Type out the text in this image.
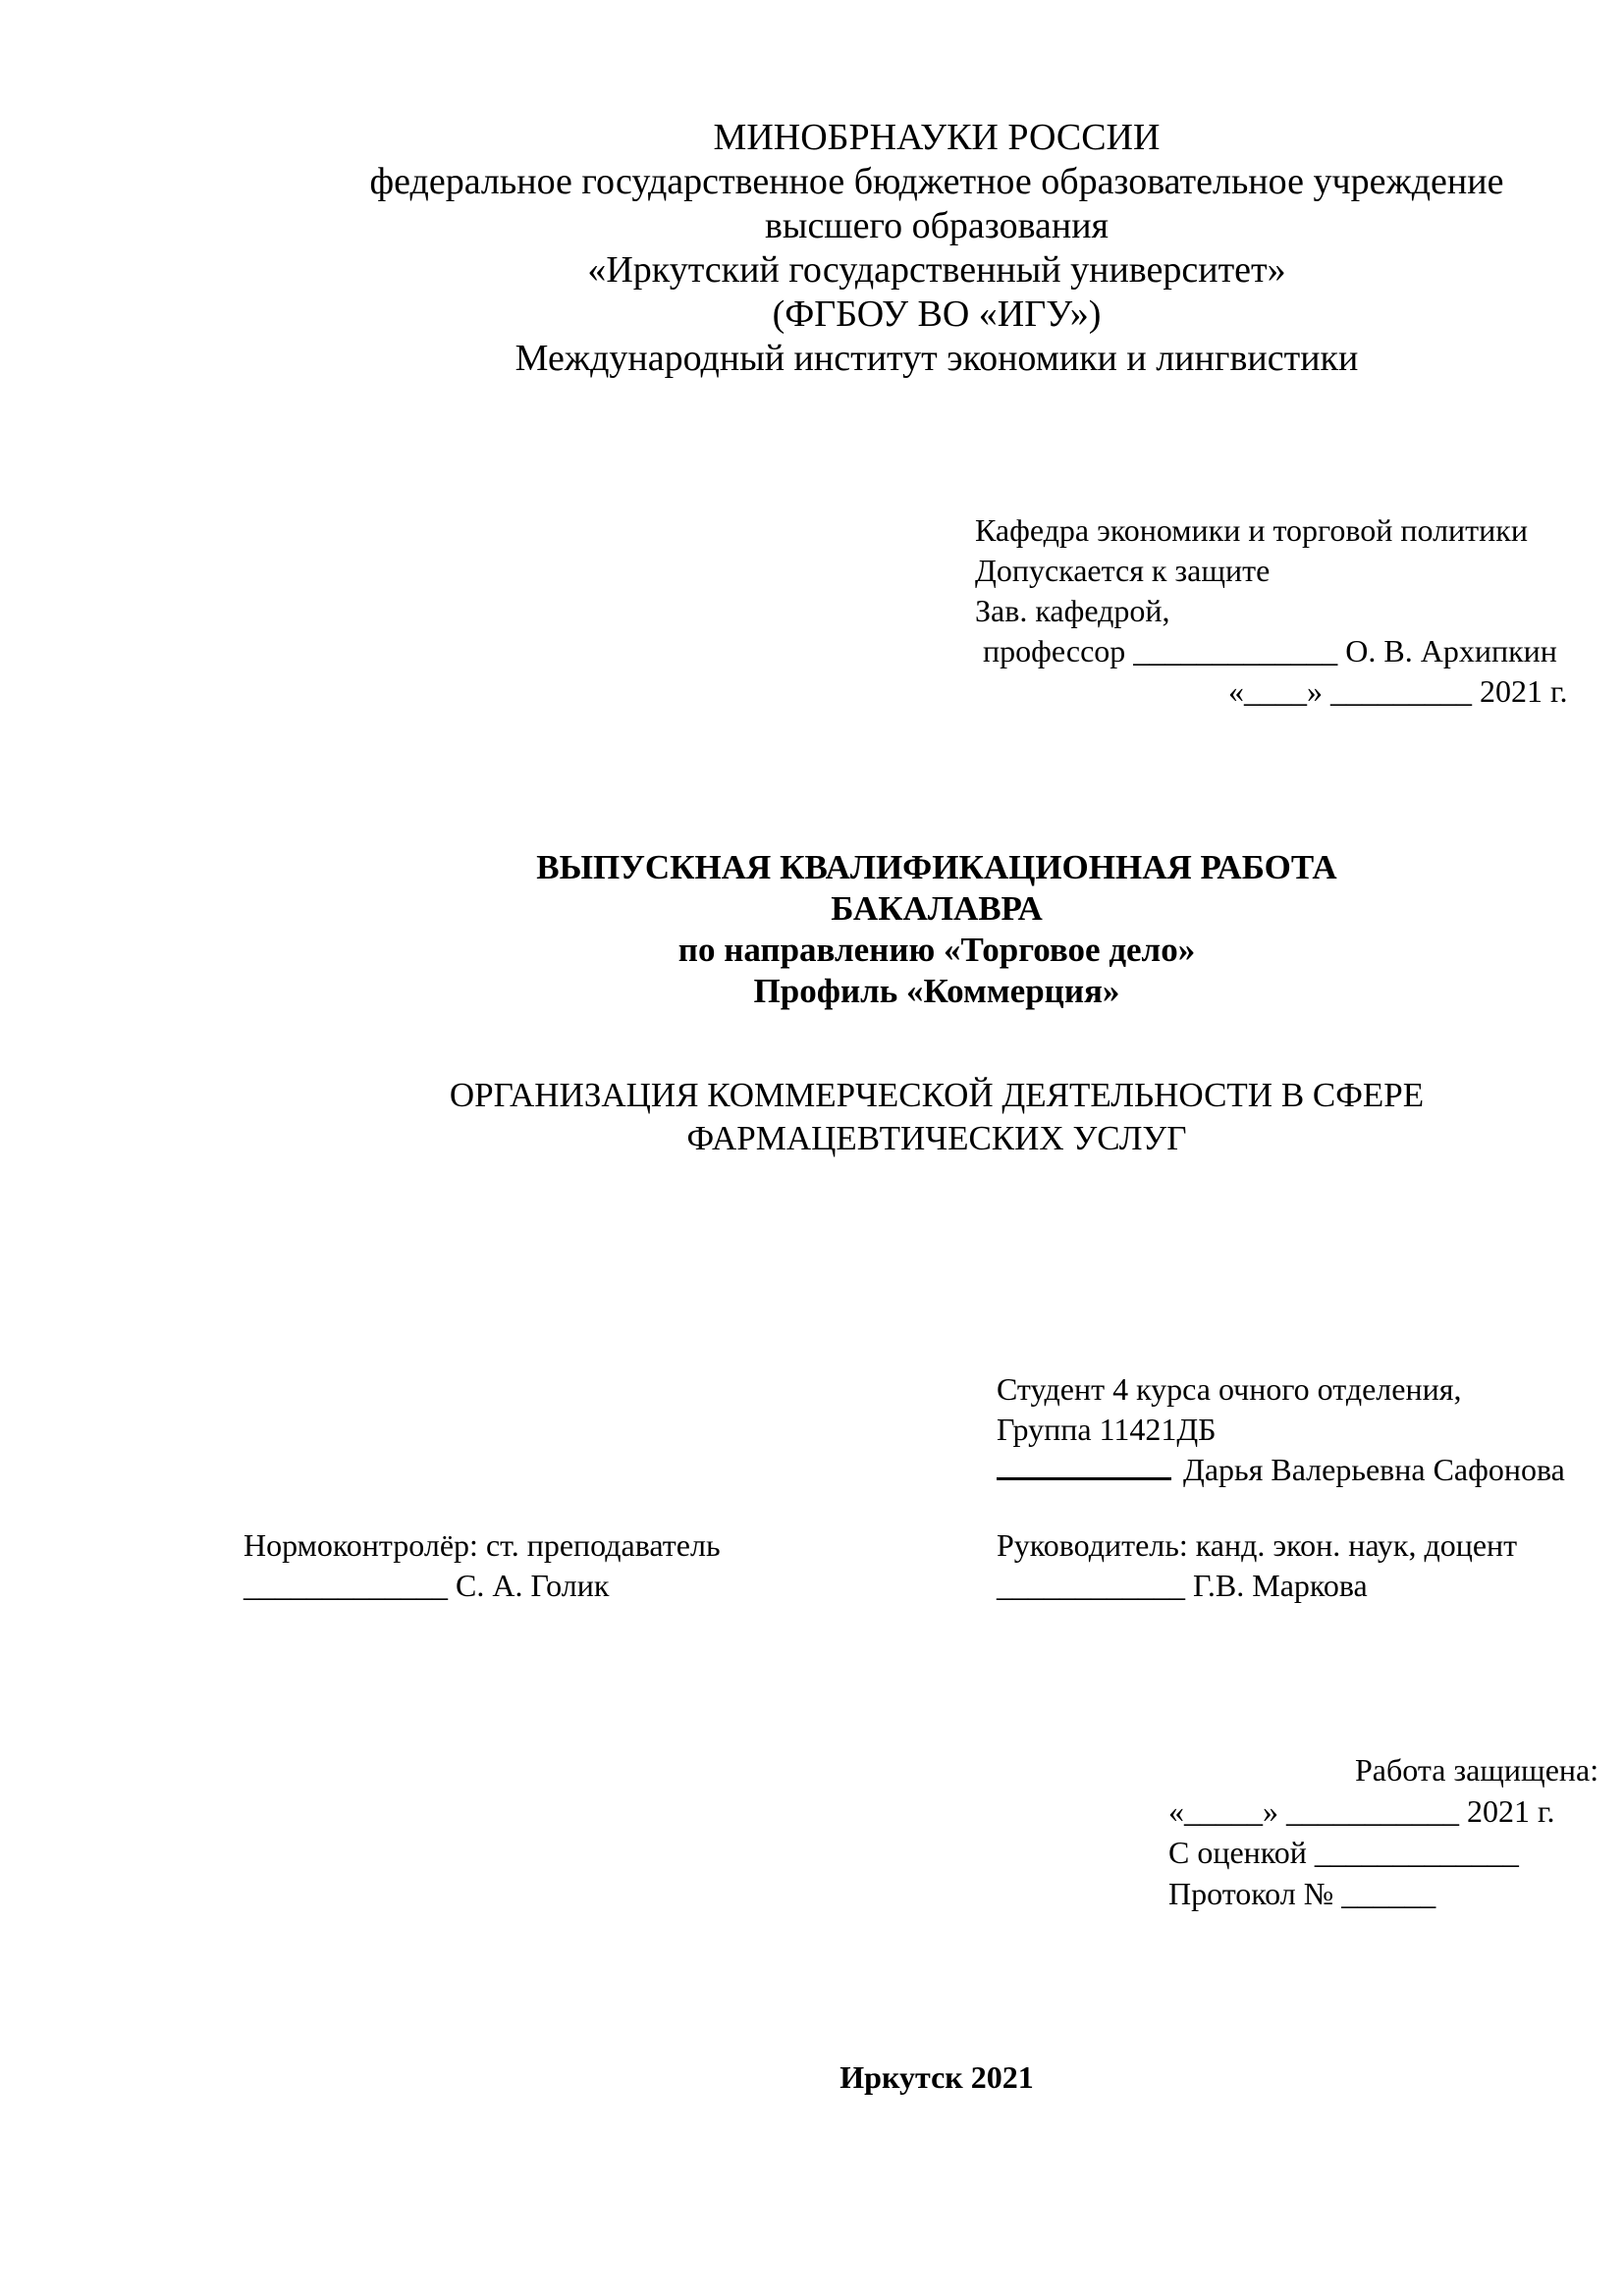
МИНОБРНАУКИ РОССИИ
федеральное государственное бюджетное образовательное учреждение
высшего образования
«Иркутский государственный университет»
(ФГБОУ ВО «ИГУ»)
Международный институт экономики и лингвистики
Кафедра экономики и торговой политики
Допускается к защите
Зав. кафедрой,
профессор _____________ О. В. Архипкин
«____» _________ 2021 г.
ВЫПУСКНАЯ КВАЛИФИКАЦИОННАЯ РАБОТА
БАКАЛАВРА
по направлению «Торговое дело»
Профиль «Коммерция»
ОРГАНИЗАЦИЯ КОММЕРЧЕСКОЙ ДЕЯТЕЛЬНОСТИ В СФЕРЕ
ФАРМАЦЕВТИЧЕСКИХ УСЛУГ
Студент 4 курса очного отделения,
Группа 11421ДБ
Дарья Валерьевна Сафонова
Нормоконтролёр: ст. преподаватель
_____________ С. А. Голик
Руководитель: канд. экон. наук, доцент
____________ Г.В. Маркова
Работа защищена:
«_____» ___________ 2021 г.
С оценкой _____________
Протокол № ______
Иркутск 2021
